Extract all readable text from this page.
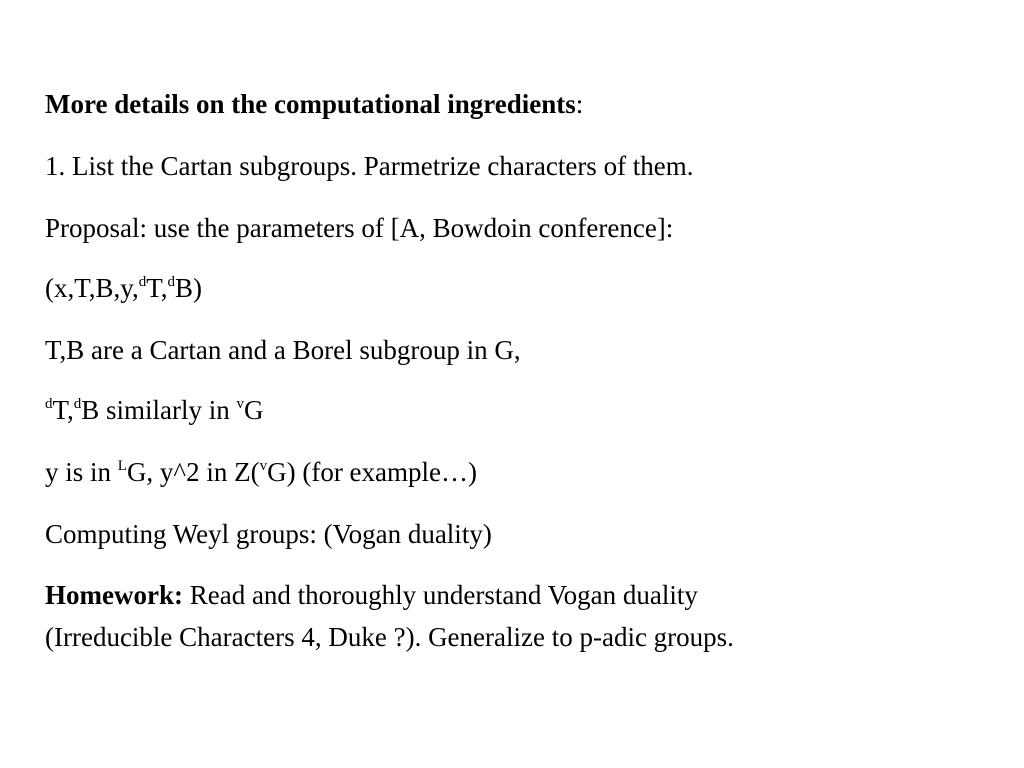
More details on the computational ingredients:
1. List the Cartan subgroups. Parmetrize characters of them.
Proposal: use the parameters of [A, Bowdoin conference]:
(x,T,B,y,$^d$T,$^d$B)
T,B are a Cartan and a Borel subgroup in G,
$^d$T,$^d$B similarly in $^v$G
y is in $^L$G, y^2 in Z($^v$G) (for example…)
Computing Weyl groups: (Vogan duality)
Homework: Read and thoroughly understand Vogan duality
(Irreducible Characters 4, Duke ?). Generalize to p-adic groups.
